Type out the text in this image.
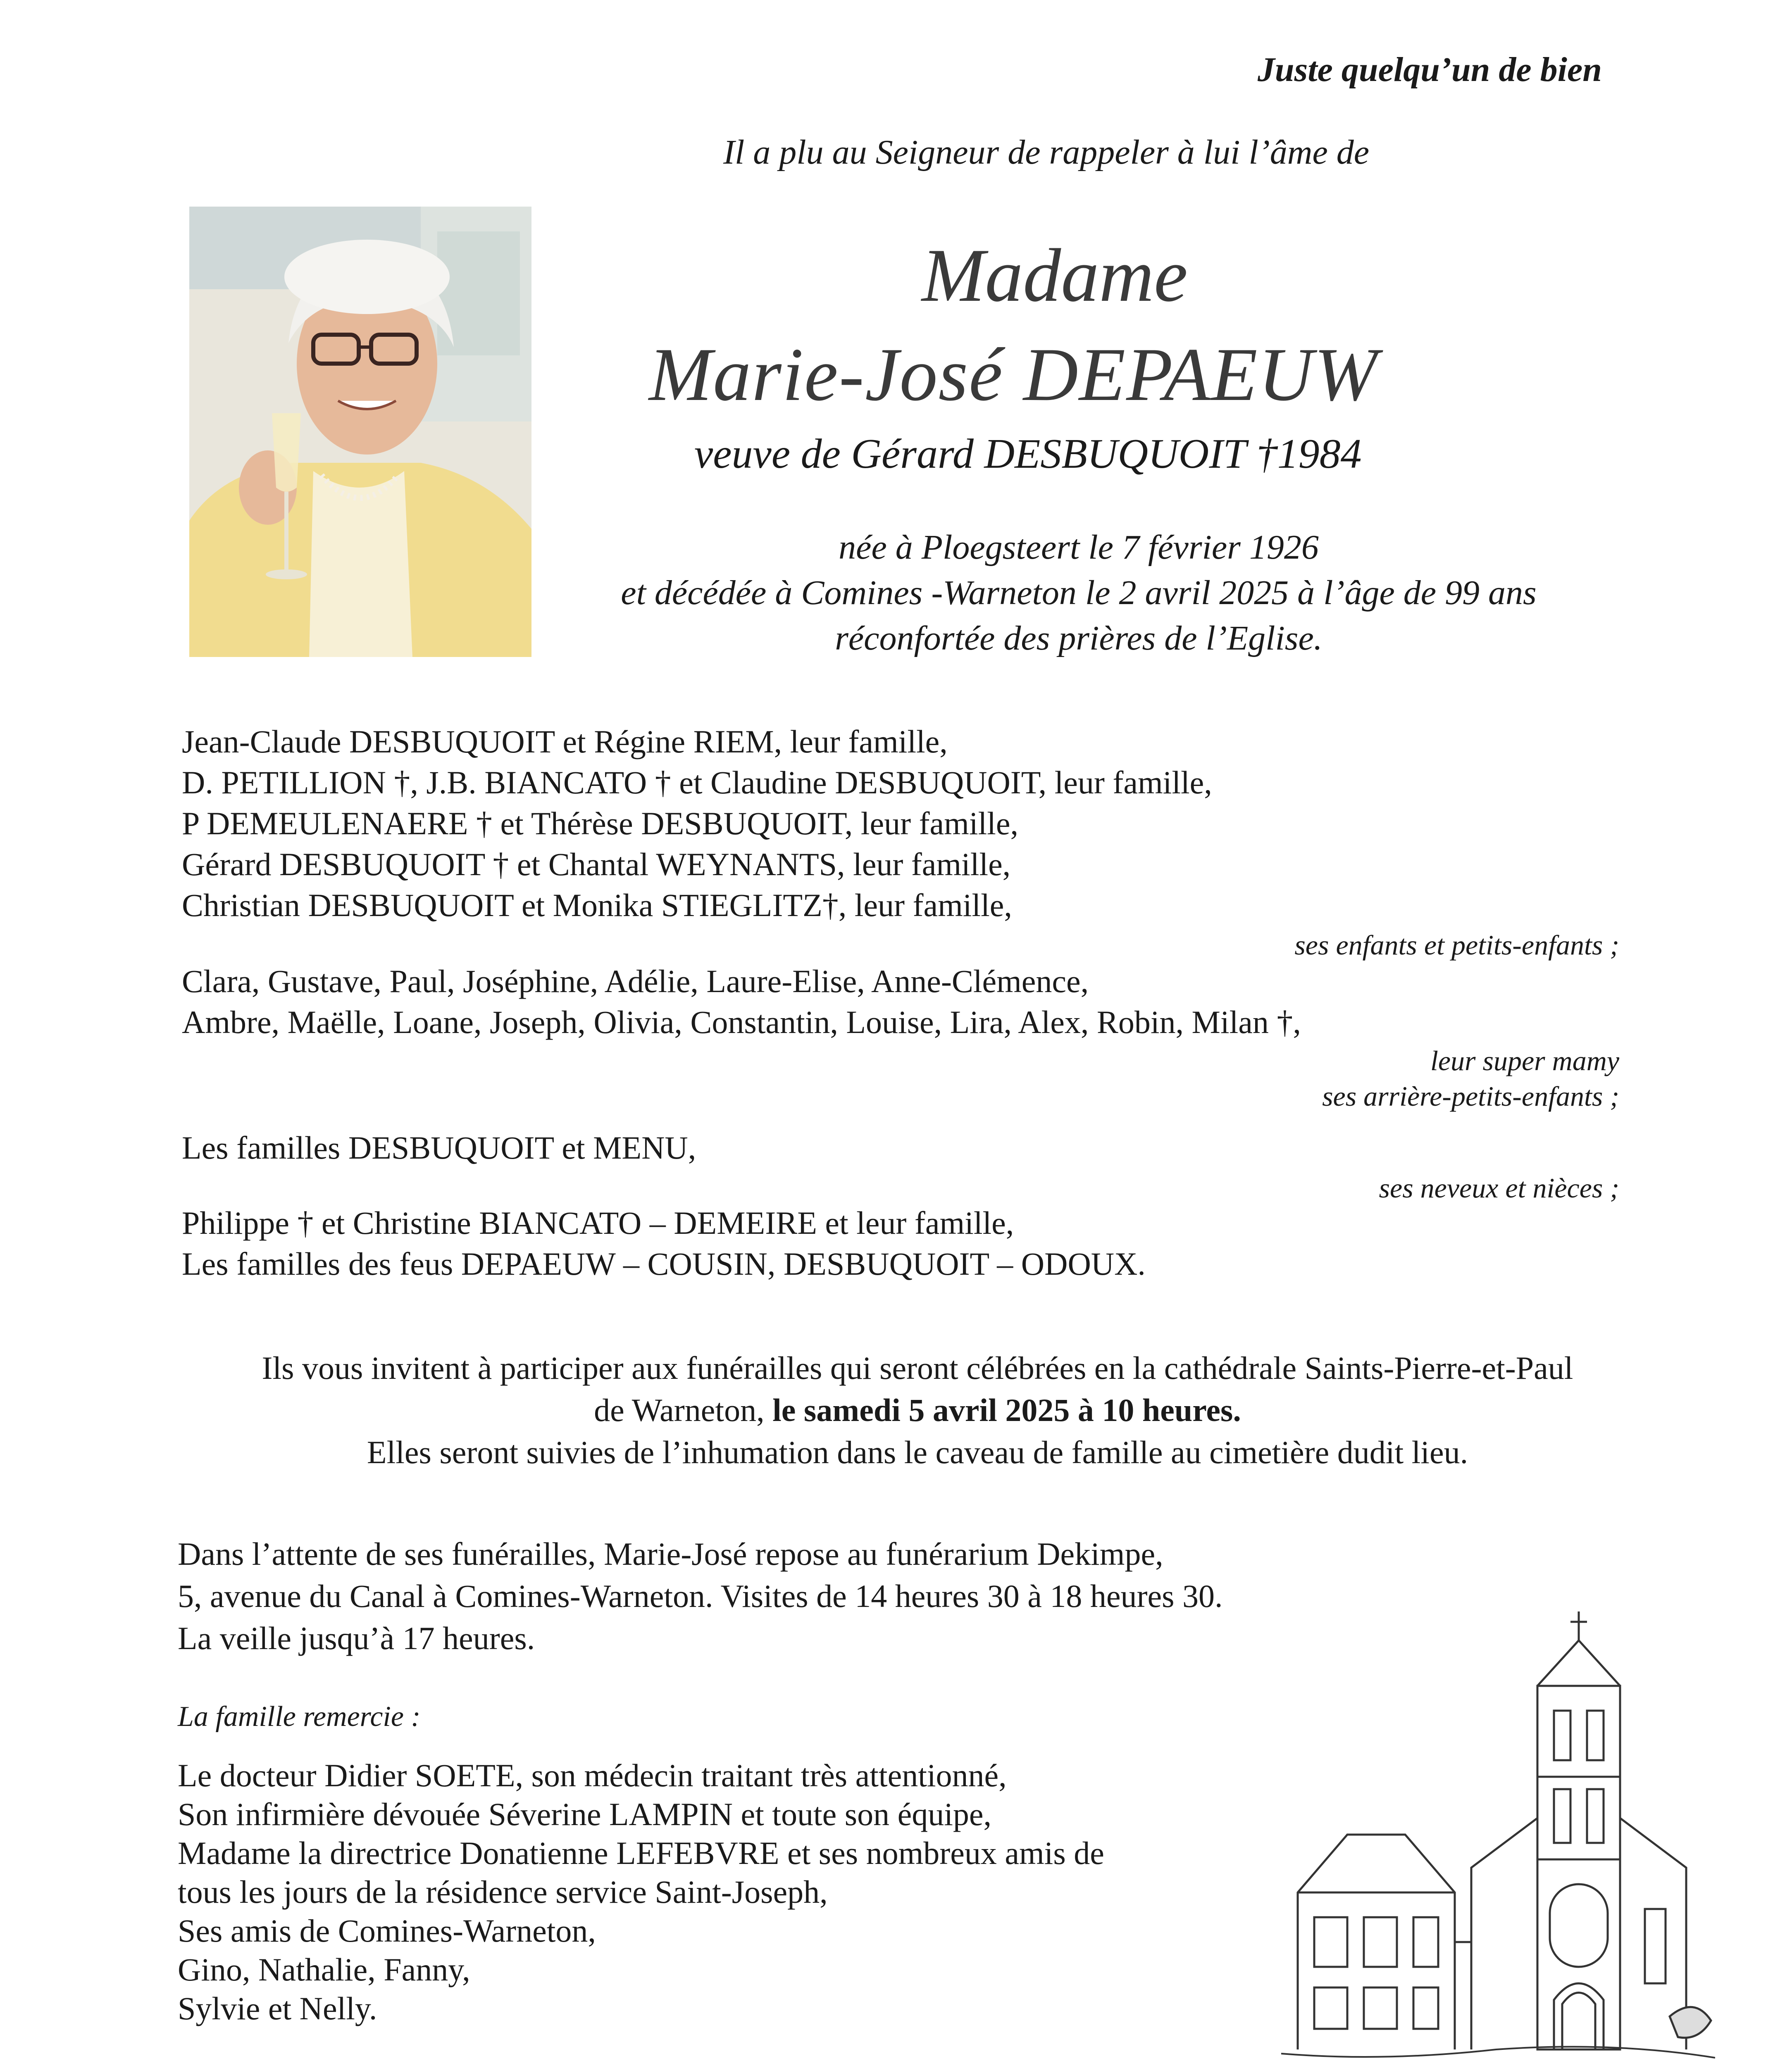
Juste quelqu’un de bien
Il a plu au Seigneur de rappeler à lui l’âme de
Madame
Marie-José DEPAEUW
veuve de Gérard DESBUQUOIT †1984
née à Ploegsteert le 7 février 1926
et décédée à Comines -Warneton le 2 avril 2025 à l’âge de 99 ans
réconfortée des prières de l’Eglise.
Jean-Claude DESBUQUOIT et Régine RIEM, leur famille,
D. PETILLION †, J.B. BIANCATO † et Claudine DESBUQUOIT, leur famille,
P DEMEULENAERE † et Thérèse DESBUQUOIT, leur famille,
Gérard DESBUQUOIT † et Chantal WEYNANTS, leur famille,
Christian DESBUQUOIT et Monika STIEGLITZ†, leur famille,
ses enfants et petits-enfants ;
Clara, Gustave, Paul, Joséphine, Adélie, Laure-Elise, Anne-Clémence,
Ambre, Maëlle, Loane, Joseph, Olivia, Constantin, Louise, Lira, Alex, Robin, Milan †,
leur super mamy
ses arrière-petits-enfants ;
Les familles DESBUQUOIT et MENU,
ses neveux et nièces ;
Philippe † et Christine BIANCATO – DEMEIRE et leur famille,
Les familles des feus DEPAEUW – COUSIN, DESBUQUOIT – ODOUX.
Ils vous invitent à participer aux funérailles qui seront célébrées en la cathédrale Saints-Pierre-et-Paul
de Warneton, le samedi 5 avril 2025 à 10 heures.
Elles seront suivies de l’inhumation dans le caveau de famille au cimetière dudit lieu.
Dans l’attente de ses funérailles, Marie-José repose au funérarium Dekimpe,
5, avenue du Canal à Comines-Warneton. Visites de 14 heures 30 à 18 heures 30.
La veille jusqu’à 17 heures.
La famille remercie :
Le docteur Didier SOETE, son médecin traitant très attentionné,
Son infirmière dévouée Séverine LAMPIN et toute son équipe,
Madame la directrice Donatienne LEFEBVRE et ses nombreux amis de
tous les jours de la résidence service Saint-Joseph,
Ses amis de Comines-Warneton,
Gino, Nathalie, Fanny,
Sylvie et Nelly.
